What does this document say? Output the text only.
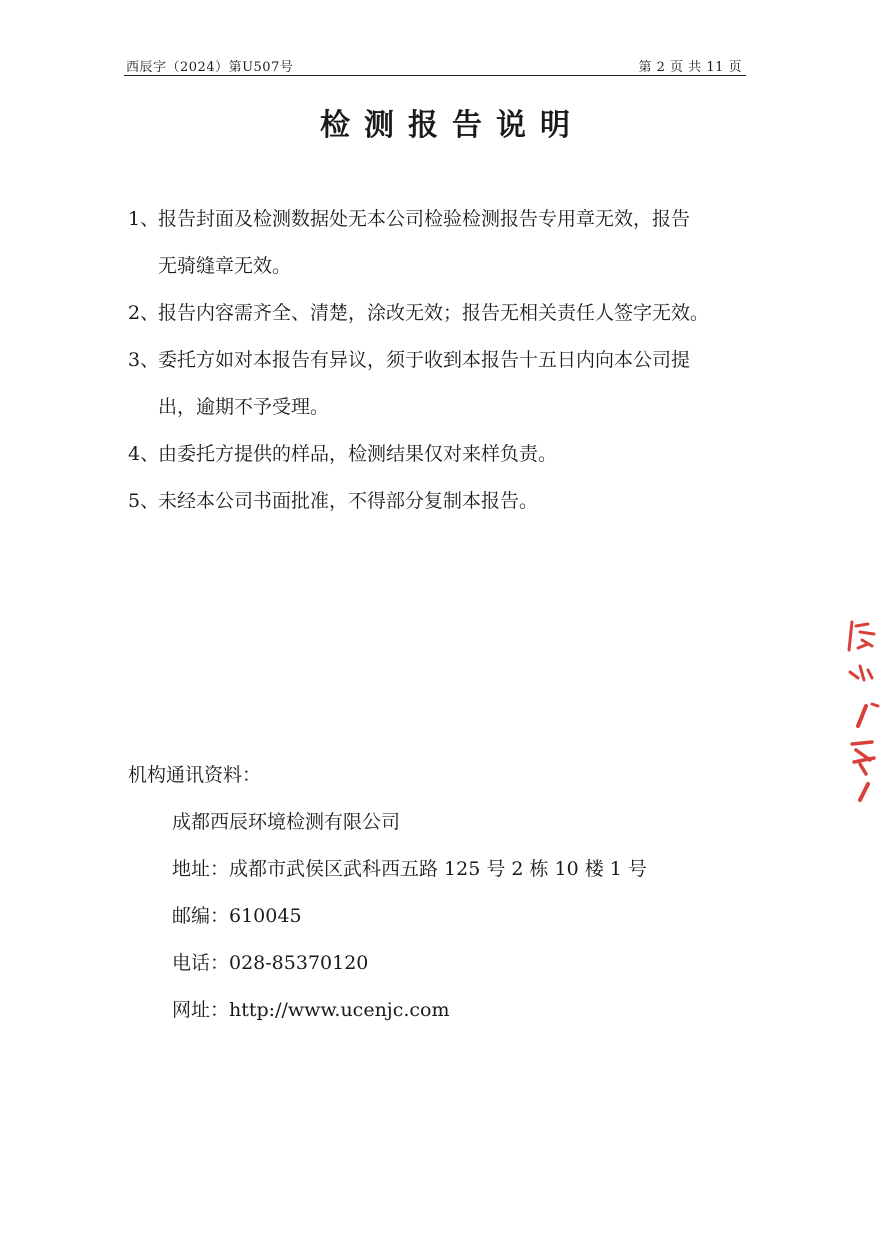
西辰字（2024）第U507号	第 2 页 共 11 页
检测报告说明
1、
报告封面及检测数据处无本公司检验检测报告专用章无效，报告
无骑缝章无效。
2、
报告内容需齐全、清楚，涂改无效；报告无相关责任人签字无效。
3、
委托方如对本报告有异议，须于收到本报告十五日内向本公司提
出，逾期不予受理。
4、
由委托方提供的样品，检测结果仅对来样负责。
5、
未经本公司书面批准，不得部分复制本报告。
机构通讯资料：
成都西辰环境检测有限公司
地址：成都市武侯区武科西五路 125 号 2 栋 10 楼 1 号
邮编：610045
电话：028-85370120
网址：http://www.ucenjc.com
